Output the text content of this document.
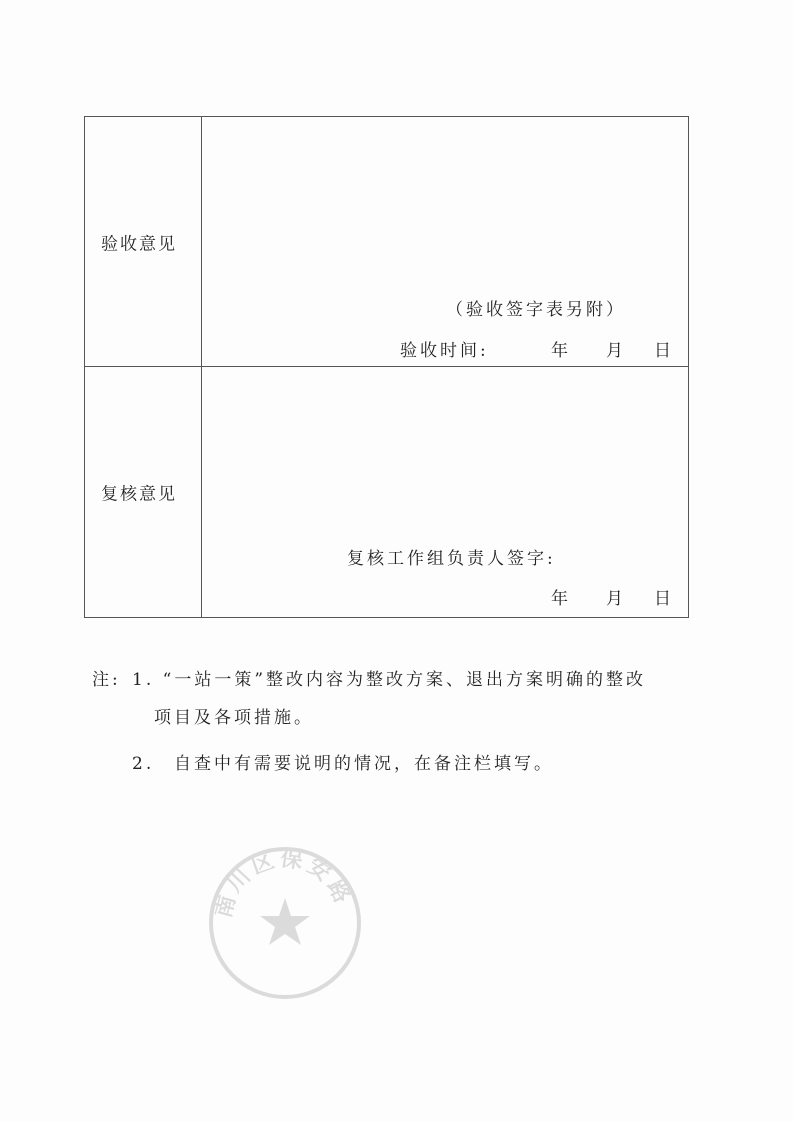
验收意见
（验收签字表另附）
验收时间:	年 月 日
复核意见
复核工作组负责人签字:
年 月 日
注: 1. “一站一策”整改内容为整改方案、退出方案明确的整改
项目及各项措施。
2. 自查中有需要说明的情况，在备注栏填写。
南川区保安路
